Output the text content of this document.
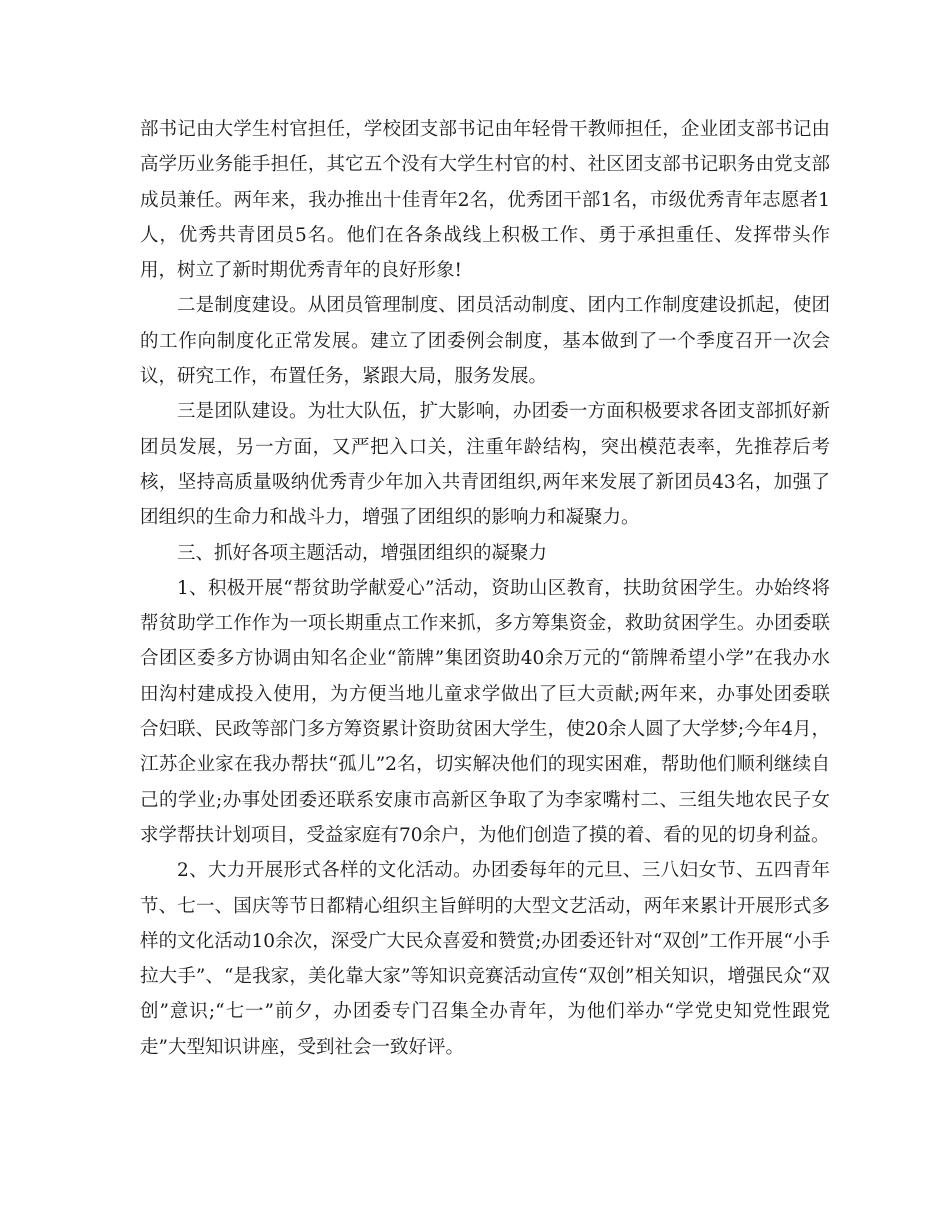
部书记由大学生村官担任，学校团支部书记由年轻骨干教师担任，企业团支部书记由高学历业务能手担任，其它五个没有大学生村官的村、社区团支部书记职务由党支部成员兼任。两年来，我办推出十佳青年2名，优秀团干部1名，市级优秀青年志愿者1人，优秀共青团员5名。他们在各条战线上积极工作、勇于承担重任、发挥带头作用，树立了新时期优秀青年的良好形象!

二是制度建设。从团员管理制度、团员活动制度、团内工作制度建设抓起，使团的工作向制度化正常发展。建立了团委例会制度，基本做到了一个季度召开一次会议，研究工作，布置任务，紧跟大局，服务发展。

三是团队建设。为壮大队伍，扩大影响，办团委一方面积极要求各团支部抓好新团员发展，另一方面，又严把入口关，注重年龄结构，突出模范表率，先推荐后考核，坚持高质量吸纳优秀青少年加入共青团组织,两年来发展了新团员43名，加强了团组织的生命力和战斗力，增强了团组织的影响力和凝聚力。

三、抓好各项主题活动，增强团组织的凝聚力

1、积极开展“帮贫助学献爱心”活动，资助山区教育，扶助贫困学生。办始终将帮贫助学工作作为一项长期重点工作来抓，多方筹集资金，救助贫困学生。办团委联合团区委多方协调由知名企业“箭牌”集团资助40余万元的“箭牌希望小学”在我办水田沟村建成投入使用，为方便当地儿童求学做出了巨大贡献;两年来，办事处团委联合妇联、民政等部门多方筹资累计资助贫困大学生，使20余人圆了大学梦;今年4月，江苏企业家在我办帮扶“孤儿”2名，切实解决他们的现实困难，帮助他们顺利继续自己的学业;办事处团委还联系安康市高新区争取了为李家嘴村二、三组失地农民子女求学帮扶计划项目，受益家庭有70余户，为他们创造了摸的着、看的见的切身利益。

2、大力开展形式各样的文化活动。办团委每年的元旦、三八妇女节、五四青年节、七一、国庆等节日都精心组织主旨鲜明的大型文艺活动，两年来累计开展形式多样的文化活动10余次，深受广大民众喜爱和赞赏;办团委还针对“双创”工作开展“小手拉大手”、“是我家，美化靠大家”等知识竞赛活动宣传“双创”相关知识，增强民众“双创”意识;“七一”前夕，办团委专门召集全办青年，为他们举办“学党史知党性跟党走”大型知识讲座，受到社会一致好评。
